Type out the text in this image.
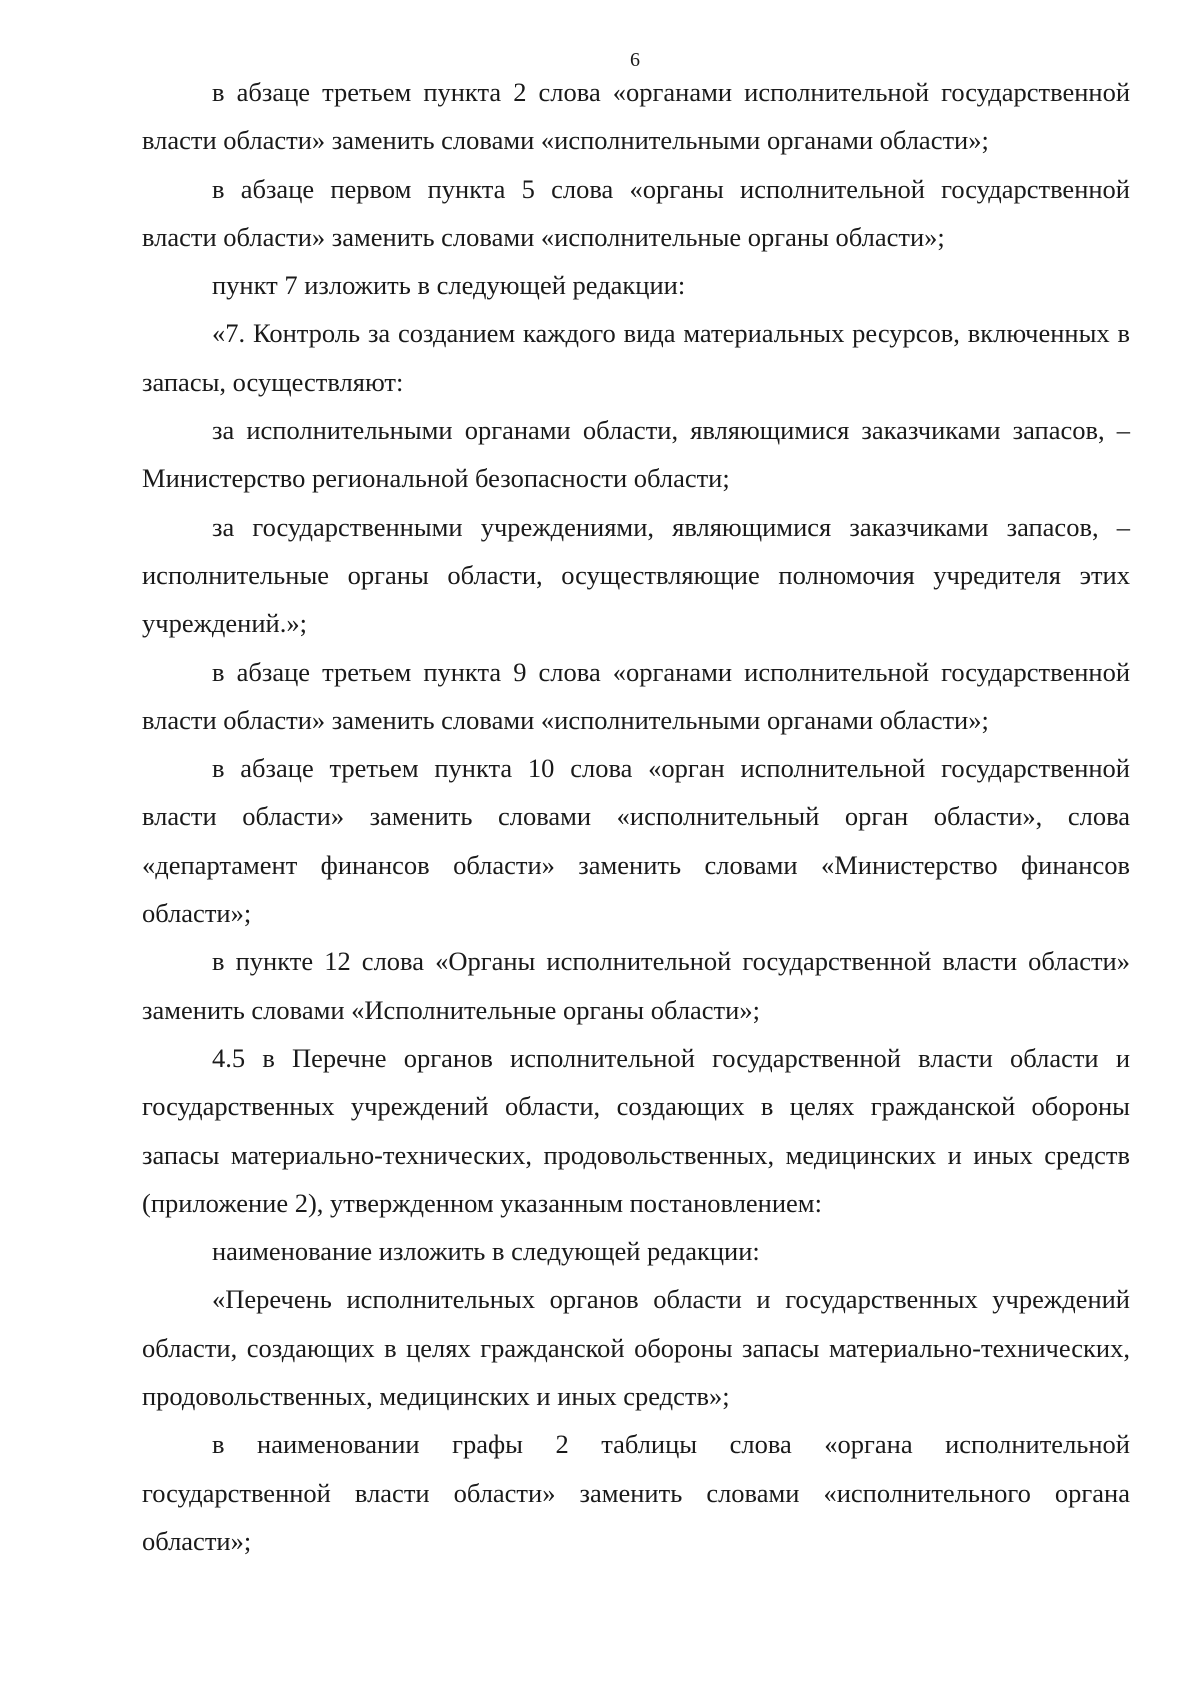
6

в абзаце третьем пункта 2 слова «органами исполнительной государственной власти области» заменить словами «исполнительными органами области»;

в абзаце первом пункта 5 слова «органы исполнительной государственной власти области» заменить словами «исполнительные органы области»;

пункт 7 изложить в следующей редакции:

«7. Контроль за созданием каждого вида материальных ресурсов, включенных в запасы, осуществляют:

за исполнительными органами области, являющимися заказчиками запасов, – Министерство региональной безопасности области;

за государственными учреждениями, являющимися заказчиками запасов, – исполнительные органы области, осуществляющие полномочия учредителя этих учреждений.»;

в абзаце третьем пункта 9 слова «органами исполнительной государственной власти области» заменить словами «исполнительными органами области»;

в абзаце третьем пункта 10 слова «орган исполнительной государственной власти области» заменить словами «исполнительный орган области», слова «департамент финансов области» заменить словами «Министерство финансов области»;

в пункте 12 слова «Органы исполнительной государственной власти области» заменить словами «Исполнительные органы области»;

4.5 в Перечне органов исполнительной государственной власти области и государственных учреждений области, создающих в целях гражданской обороны запасы материально-технических, продовольственных, медицинских и иных средств (приложение 2), утвержденном указанным постановлением:

наименование изложить в следующей редакции:

«Перечень исполнительных органов области и государственных учреждений области, создающих в целях гражданской обороны запасы материально-технических, продовольственных, медицинских и иных средств»;

в наименовании графы 2 таблицы слова «органа исполнительной государственной власти области» заменить словами «исполнительного органа области»;
